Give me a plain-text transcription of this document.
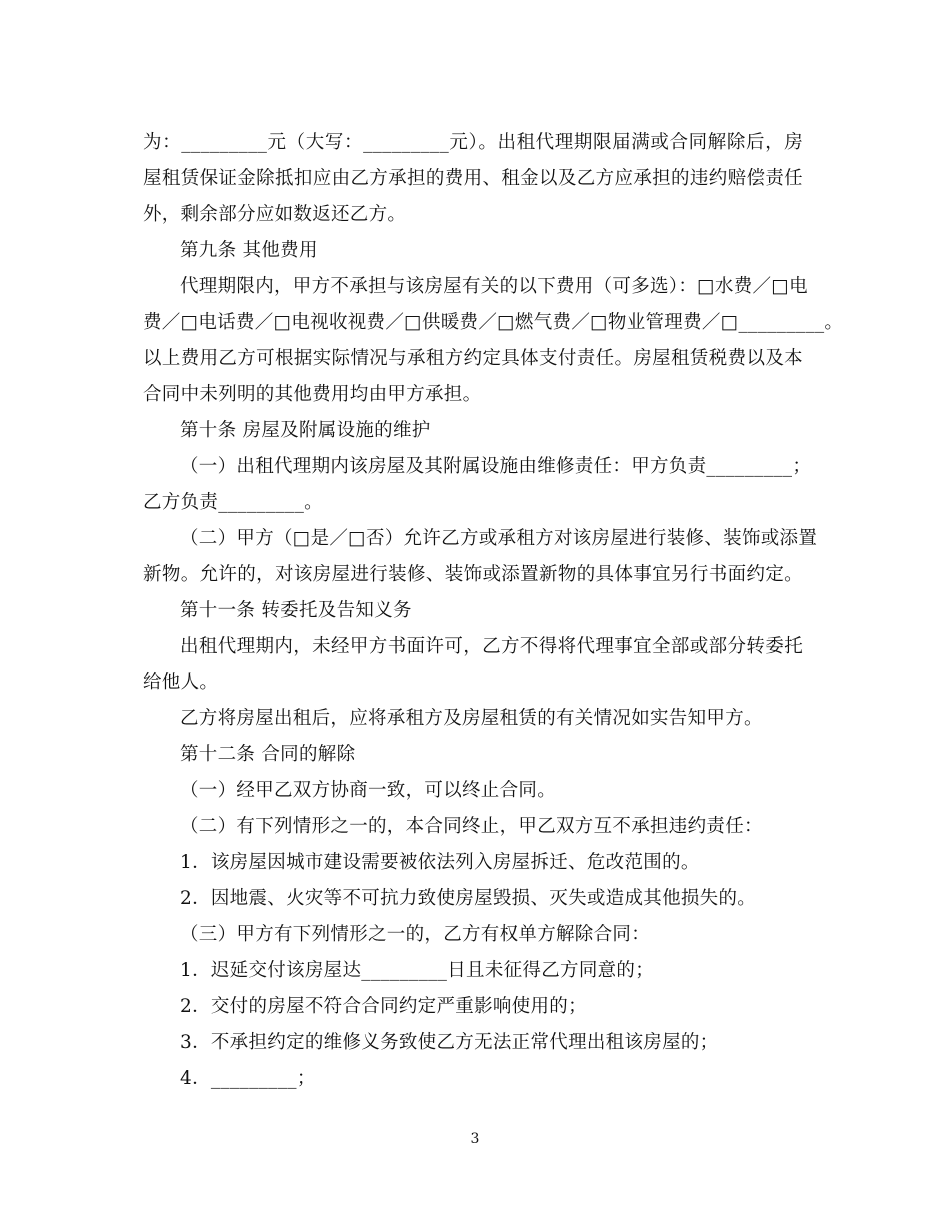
为：_________元（大写：_________元）。出租代理期限届满或合同解除后，房
屋租赁保证金除抵扣应由乙方承担的费用、租金以及乙方应承担的违约赔偿责任
外，剩余部分应如数返还乙方。
第九条 其他费用
代理期限内，甲方不承担与该房屋有关的以下费用（可多选）：□水费／□电
费／□电话费／□电视收视费／□供暖费／□燃气费／□物业管理费／□_________。
以上费用乙方可根据实际情况与承租方约定具体支付责任。房屋租赁税费以及本
合同中未列明的其他费用均由甲方承担。
第十条 房屋及附属设施的维护
（一）出租代理期内该房屋及其附属设施由维修责任：甲方负责_________；
乙方负责_________。
（二）甲方（□是／□否）允许乙方或承租方对该房屋进行装修、装饰或添置
新物。允许的，对该房屋进行装修、装饰或添置新物的具体事宜另行书面约定。
第十一条 转委托及告知义务
出租代理期内，未经甲方书面许可，乙方不得将代理事宜全部或部分转委托
给他人。
乙方将房屋出租后，应将承租方及房屋租赁的有关情况如实告知甲方。
第十二条 合同的解除
（一）经甲乙双方协商一致，可以终止合同。
（二）有下列情形之一的，本合同终止，甲乙双方互不承担违约责任：
1．该房屋因城市建设需要被依法列入房屋拆迁、危改范围的。
2．因地震、火灾等不可抗力致使房屋毁损、灭失或造成其他损失的。
（三）甲方有下列情形之一的，乙方有权单方解除合同：
1．迟延交付该房屋达_________日且未征得乙方同意的；
2．交付的房屋不符合合同约定严重影响使用的；
3．不承担约定的维修义务致使乙方无法正常代理出租该房屋的；
4．_________；
3
